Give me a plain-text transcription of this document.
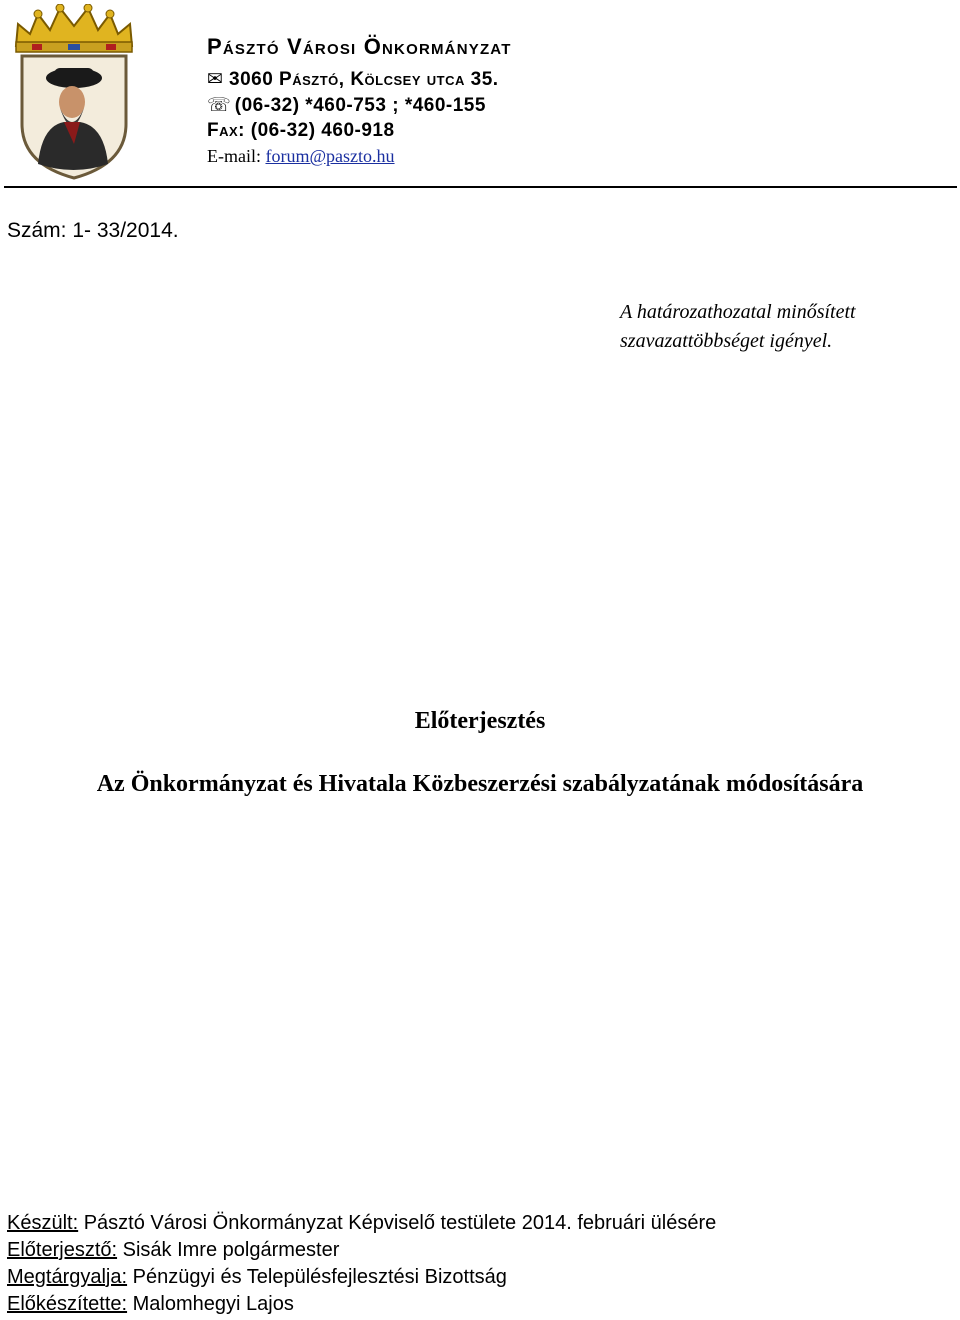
Pásztó Városi Önkormányzat
✉ 3060 Pásztó, Kölcsey utca 35.
☏ (06-32) *460-753 ; *460-155
Fax: (06-32) 460-918
E-mail: forum@paszto.hu
Szám: 1- 33/2014.
A határozathozatal minősített
szavazattöbbséget igényel.
Előterjesztés
Az Önkormányzat és Hivatala Közbeszerzési szabályzatának módosítására
Készült: Pásztó Városi Önkormányzat Képviselő testülete 2014. februári ülésére
Előterjesztő: Sisák Imre polgármester
Megtárgyalja: Pénzügyi és Településfejlesztési Bizottság
Előkészítette: Malomhegyi Lajos
